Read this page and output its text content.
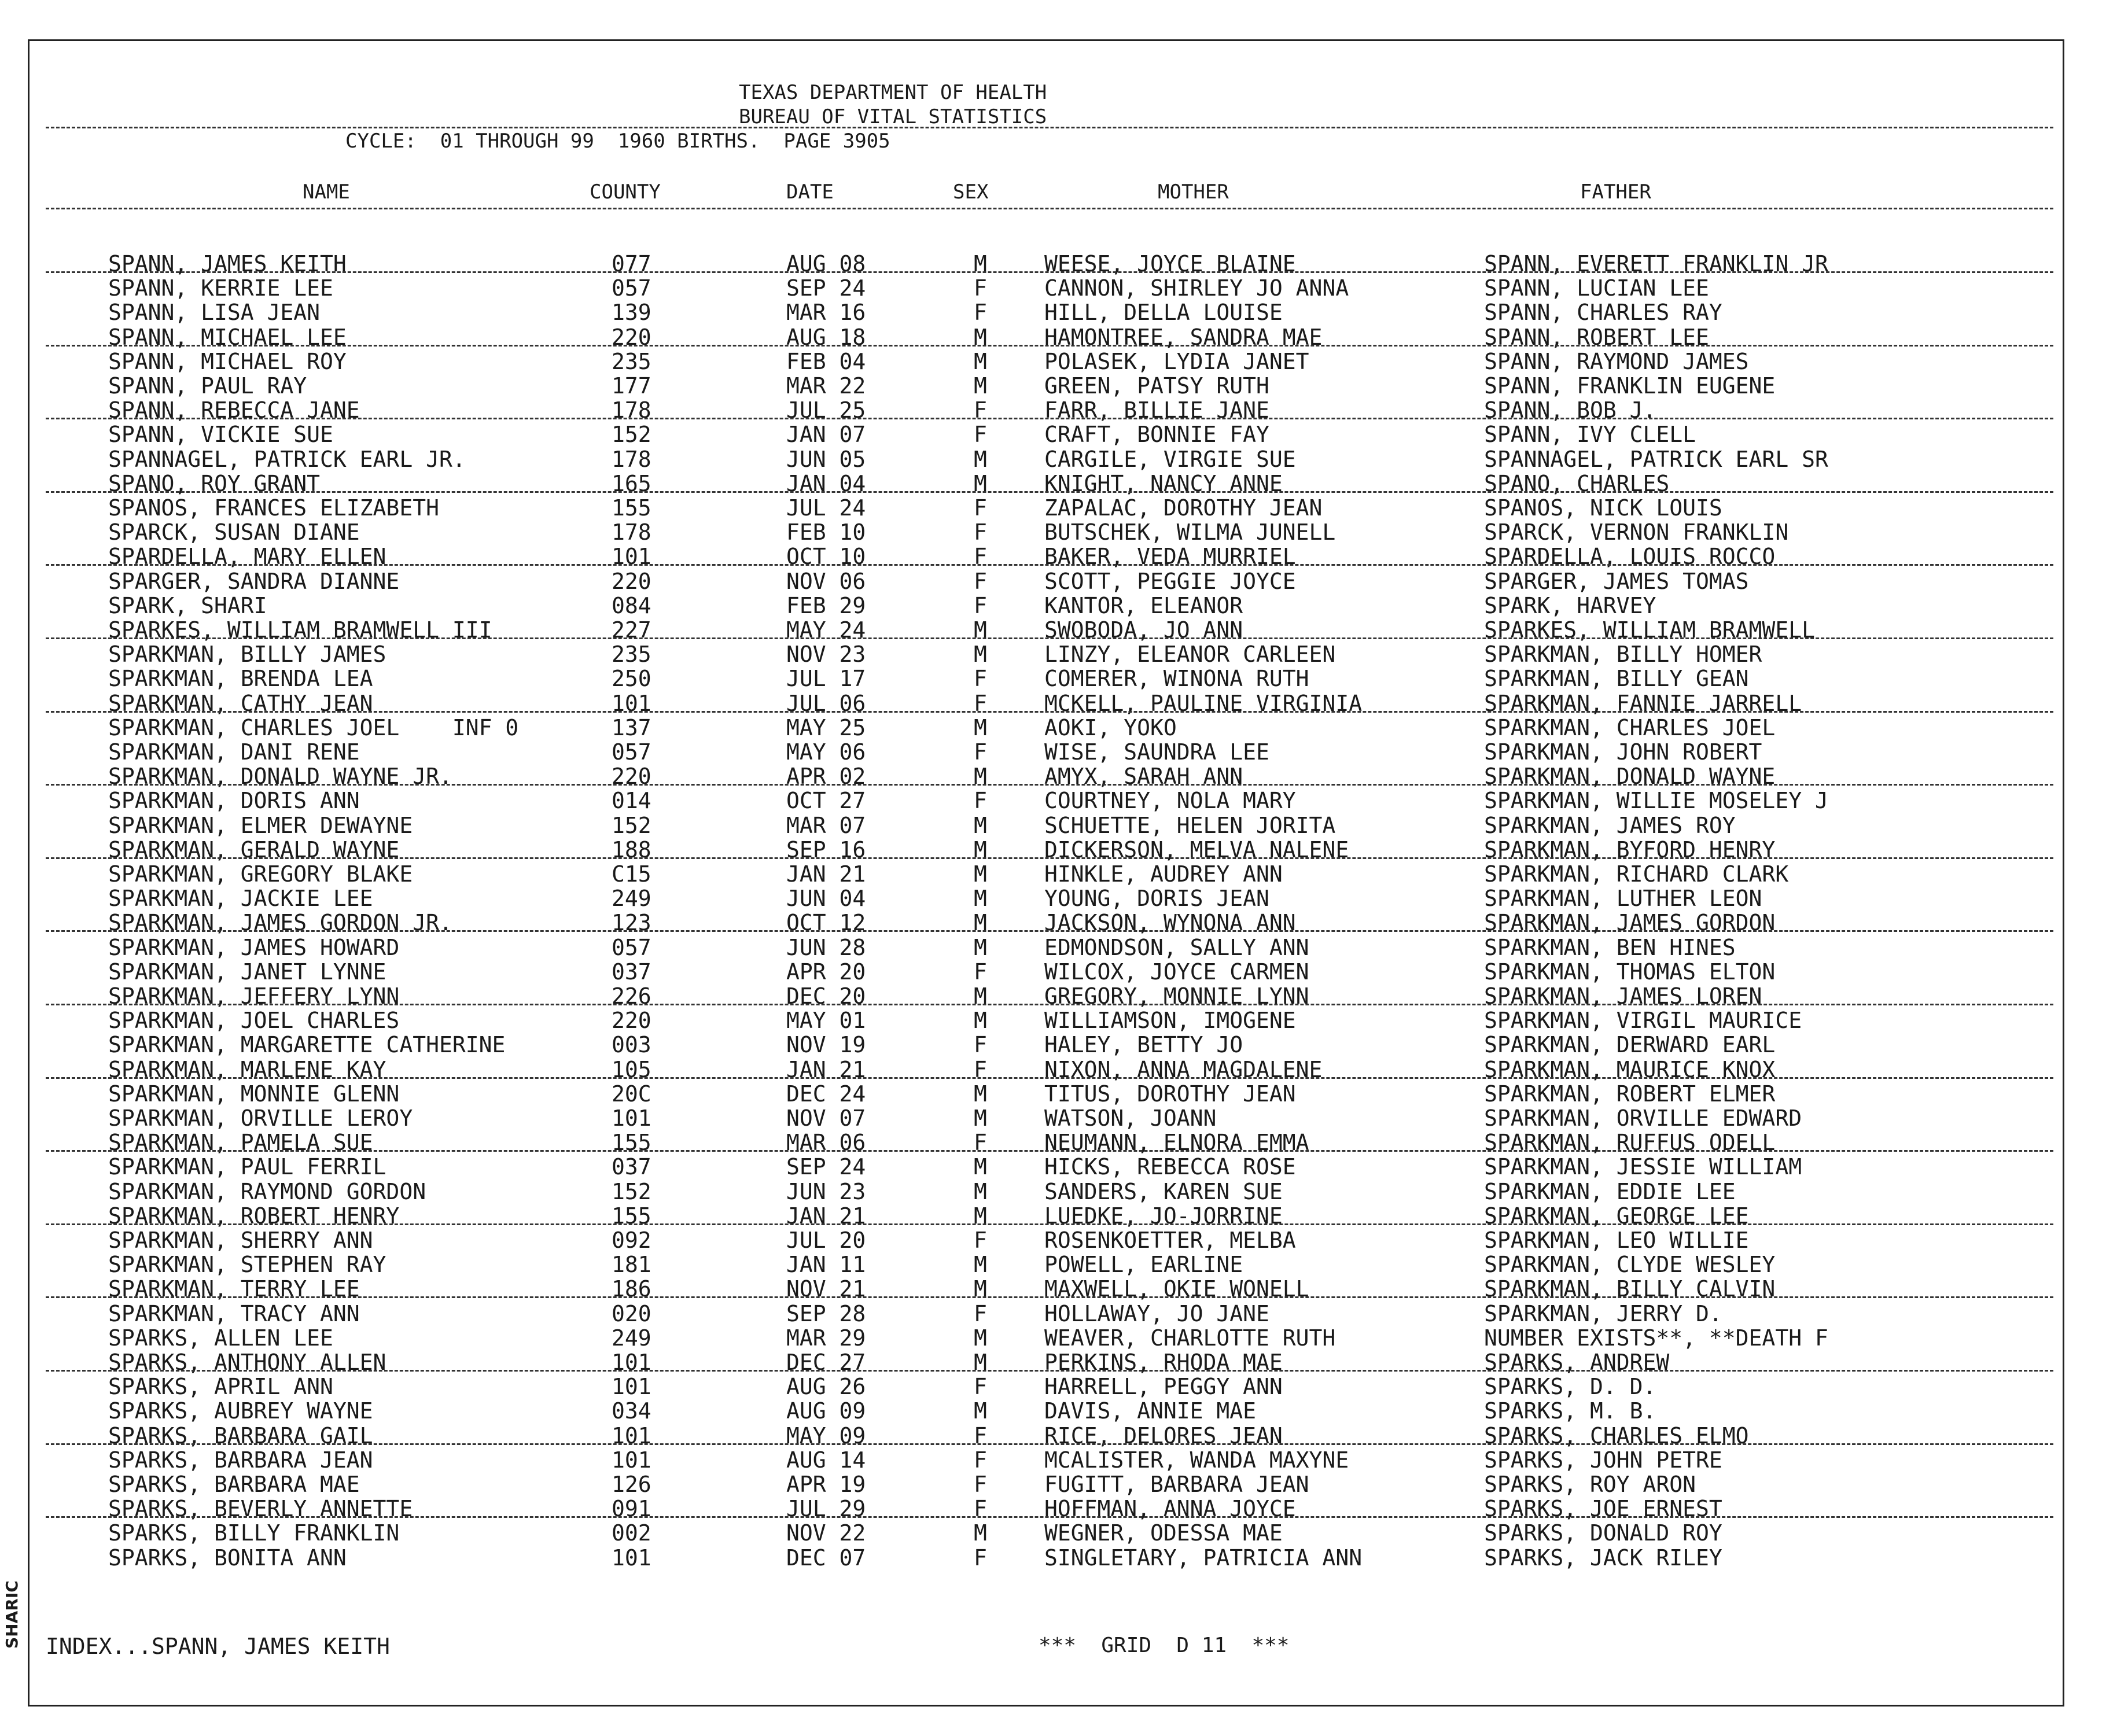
TEXAS DEPARTMENT OF HEALTH
BUREAU OF VITAL STATISTICS
CYCLE:  01 THROUGH 99  1960 BIRTHS.  PAGE 3905
NAME	COUNTY	DATE	SEX	MOTHER	FATHER
SPANN, JAMES KEITH	077	AUG 08	M	WEESE, JOYCE BLAINE	SPANN, EVERETT FRANKLIN JR
SPANN, KERRIE LEE	057	SEP 24	F	CANNON, SHIRLEY JO ANNA	SPANN, LUCIAN LEE
SPANN, LISA JEAN	139	MAR 16	F	HILL, DELLA LOUISE	SPANN, CHARLES RAY
SPANN, MICHAEL LEE	220	AUG 18	M	HAMONTREE, SANDRA MAE	SPANN, ROBERT LEE
SPANN, MICHAEL ROY	235	FEB 04	M	POLASEK, LYDIA JANET	SPANN, RAYMOND JAMES
SPANN, PAUL RAY	177	MAR 22	M	GREEN, PATSY RUTH	SPANN, FRANKLIN EUGENE
SPANN, REBECCA JANE	178	JUL 25	F	FARR, BILLIE JANE	SPANN, BOB J.
SPANN, VICKIE SUE	152	JAN 07	F	CRAFT, BONNIE FAY	SPANN, IVY CLELL
SPANNAGEL, PATRICK EARL JR.	178	JUN 05	M	CARGILE, VIRGIE SUE	SPANNAGEL, PATRICK EARL SR
SPANO, ROY GRANT	165	JAN 04	M	KNIGHT, NANCY ANNE	SPANO, CHARLES
SPANOS, FRANCES ELIZABETH	155	JUL 24	F	ZAPALAC, DOROTHY JEAN	SPANOS, NICK LOUIS
SPARCK, SUSAN DIANE	178	FEB 10	F	BUTSCHEK, WILMA JUNELL	SPARCK, VERNON FRANKLIN
SPARDELLA, MARY ELLEN	101	OCT 10	F	BAKER, VEDA MURRIEL	SPARDELLA, LOUIS ROCCO
SPARGER, SANDRA DIANNE	220	NOV 06	F	SCOTT, PEGGIE JOYCE	SPARGER, JAMES TOMAS
SPARK, SHARI	084	FEB 29	F	KANTOR, ELEANOR	SPARK, HARVEY
SPARKES, WILLIAM BRAMWELL III	227	MAY 24	M	SWOBODA, JO ANN	SPARKES, WILLIAM BRAMWELL
SPARKMAN, BILLY JAMES	235	NOV 23	M	LINZY, ELEANOR CARLEEN	SPARKMAN, BILLY HOMER
SPARKMAN, BRENDA LEA	250	JUL 17	F	COMERER, WINONA RUTH	SPARKMAN, BILLY GEAN
SPARKMAN, CATHY JEAN	101	JUL 06	F	MCKELL, PAULINE VIRGINIA	SPARKMAN, FANNIE JARRELL
SPARKMAN, CHARLES JOEL    INF 0	137	MAY 25	M	AOKI, YOKO	SPARKMAN, CHARLES JOEL
SPARKMAN, DANI RENE	057	MAY 06	F	WISE, SAUNDRA LEE	SPARKMAN, JOHN ROBERT
SPARKMAN, DONALD WAYNE JR.	220	APR 02	M	AMYX, SARAH ANN	SPARKMAN, DONALD WAYNE
SPARKMAN, DORIS ANN	014	OCT 27	F	COURTNEY, NOLA MARY	SPARKMAN, WILLIE MOSELEY J
SPARKMAN, ELMER DEWAYNE	152	MAR 07	M	SCHUETTE, HELEN JORITA	SPARKMAN, JAMES ROY
SPARKMAN, GERALD WAYNE	188	SEP 16	M	DICKERSON, MELVA NALENE	SPARKMAN, BYFORD HENRY
SPARKMAN, GREGORY BLAKE	C15	JAN 21	M	HINKLE, AUDREY ANN	SPARKMAN, RICHARD CLARK
SPARKMAN, JACKIE LEE	249	JUN 04	M	YOUNG, DORIS JEAN	SPARKMAN, LUTHER LEON
SPARKMAN, JAMES GORDON JR.	123	OCT 12	M	JACKSON, WYNONA ANN	SPARKMAN, JAMES GORDON
SPARKMAN, JAMES HOWARD	057	JUN 28	M	EDMONDSON, SALLY ANN	SPARKMAN, BEN HINES
SPARKMAN, JANET LYNNE	037	APR 20	F	WILCOX, JOYCE CARMEN	SPARKMAN, THOMAS ELTON
SPARKMAN, JEFFERY LYNN	226	DEC 20	M	GREGORY, MONNIE LYNN	SPARKMAN, JAMES LOREN
SPARKMAN, JOEL CHARLES	220	MAY 01	M	WILLIAMSON, IMOGENE	SPARKMAN, VIRGIL MAURICE
SPARKMAN, MARGARETTE CATHERINE	003	NOV 19	F	HALEY, BETTY JO	SPARKMAN, DERWARD EARL
SPARKMAN, MARLENE KAY	105	JAN 21	F	NIXON, ANNA MAGDALENE	SPARKMAN, MAURICE KNOX
SPARKMAN, MONNIE GLENN	20C	DEC 24	M	TITUS, DOROTHY JEAN	SPARKMAN, ROBERT ELMER
SPARKMAN, ORVILLE LEROY	101	NOV 07	M	WATSON, JOANN	SPARKMAN, ORVILLE EDWARD
SPARKMAN, PAMELA SUE	155	MAR 06	F	NEUMANN, ELNORA EMMA	SPARKMAN, RUFFUS ODELL
SPARKMAN, PAUL FERRIL	037	SEP 24	M	HICKS, REBECCA ROSE	SPARKMAN, JESSIE WILLIAM
SPARKMAN, RAYMOND GORDON	152	JUN 23	M	SANDERS, KAREN SUE	SPARKMAN, EDDIE LEE
SPARKMAN, ROBERT HENRY	155	JAN 21	M	LUEDKE, JO-JORRINE	SPARKMAN, GEORGE LEE
SPARKMAN, SHERRY ANN	092	JUL 20	F	ROSENKOETTER, MELBA	SPARKMAN, LEO WILLIE
SPARKMAN, STEPHEN RAY	181	JAN 11	M	POWELL, EARLINE	SPARKMAN, CLYDE WESLEY
SPARKMAN, TERRY LEE	186	NOV 21	M	MAXWELL, OKIE WONELL	SPARKMAN, BILLY CALVIN
SPARKMAN, TRACY ANN	020	SEP 28	F	HOLLAWAY, JO JANE	SPARKMAN, JERRY D.
SPARKS, ALLEN LEE	249	MAR 29	M	WEAVER, CHARLOTTE RUTH	NUMBER EXISTS**, **DEATH F
SPARKS, ANTHONY ALLEN	101	DEC 27	M	PERKINS, RHODA MAE	SPARKS, ANDREW
SPARKS, APRIL ANN	101	AUG 26	F	HARRELL, PEGGY ANN	SPARKS, D. D.
SPARKS, AUBREY WAYNE	034	AUG 09	M	DAVIS, ANNIE MAE	SPARKS, M. B.
SPARKS, BARBARA GAIL	101	MAY 09	F	RICE, DELORES JEAN	SPARKS, CHARLES ELMO
SPARKS, BARBARA JEAN	101	AUG 14	F	MCALISTER, WANDA MAXYNE	SPARKS, JOHN PETRE
SPARKS, BARBARA MAE	126	APR 19	F	FUGITT, BARBARA JEAN	SPARKS, ROY ARON
SPARKS, BEVERLY ANNETTE	091	JUL 29	F	HOFFMAN, ANNA JOYCE	SPARKS, JOE ERNEST
SPARKS, BILLY FRANKLIN	002	NOV 22	M	WEGNER, ODESSA MAE	SPARKS, DONALD ROY
SPARKS, BONITA ANN	101	DEC 07	F	SINGLETARY, PATRICIA ANN	SPARKS, JACK RILEY
INDEX...SPANN, JAMES KEITH	***  GRID  D 11  ***
SHARIC
